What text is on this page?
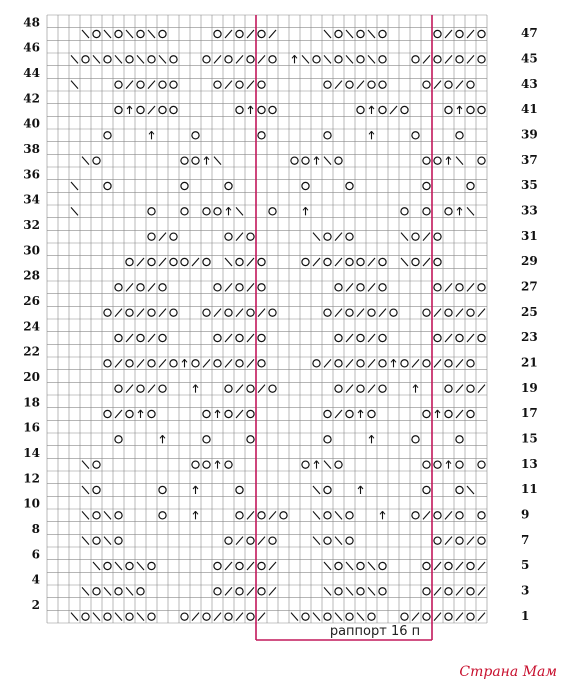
48
46
44
42
40
38
36
34
32
30
28
26
24
22
20
18
16
14
12
10
8
6
4
2
47
45
43
41
39
37
35
33
31
29
27
25
23
21
19
17
15
13
11
9
7
5
3
1
раппорт 16 п
Страна Мам
